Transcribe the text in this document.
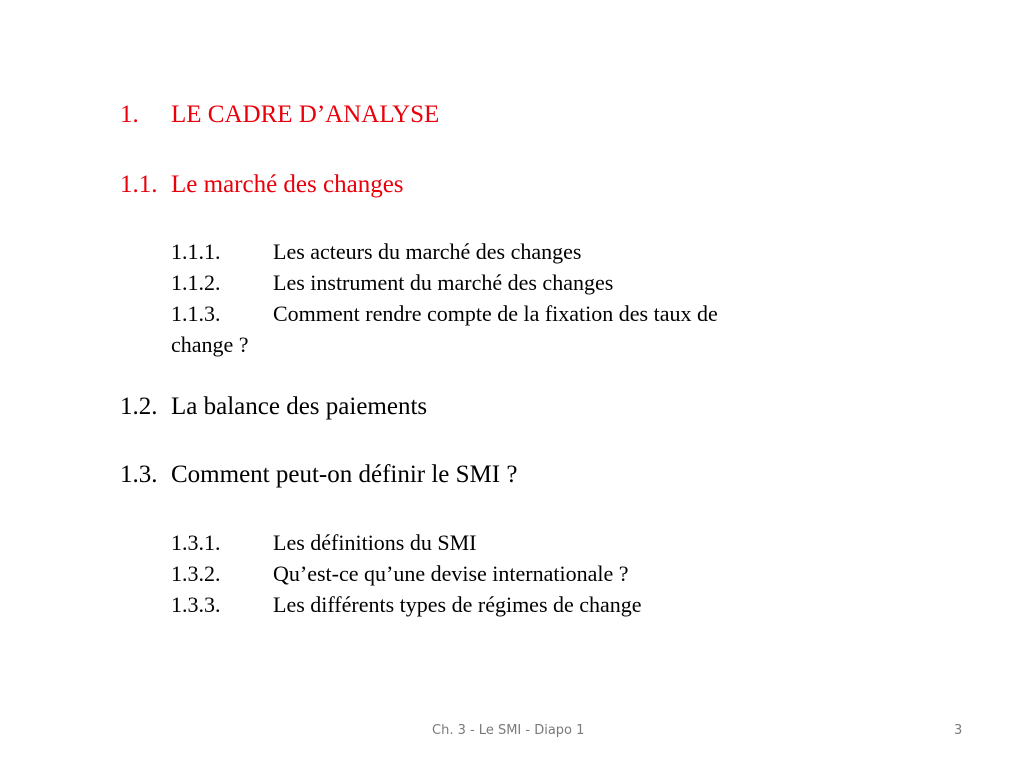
1. LE CADRE D’ANALYSE
1.1. Le marché des changes
1.1.1. Les acteurs du marché des changes
1.1.2. Les instrument du marché des changes
1.1.3. Comment rendre compte de la fixation des taux de
change ?
1.2. La balance des paiements
1.3. Comment peut-on définir le SMI ?
1.3.1. Les définitions du SMI
1.3.2. Qu’est-ce qu’une devise internationale ?
1.3.3. Les différents types de régimes de change
Ch. 3 - Le SMI - Diapo 1	3
